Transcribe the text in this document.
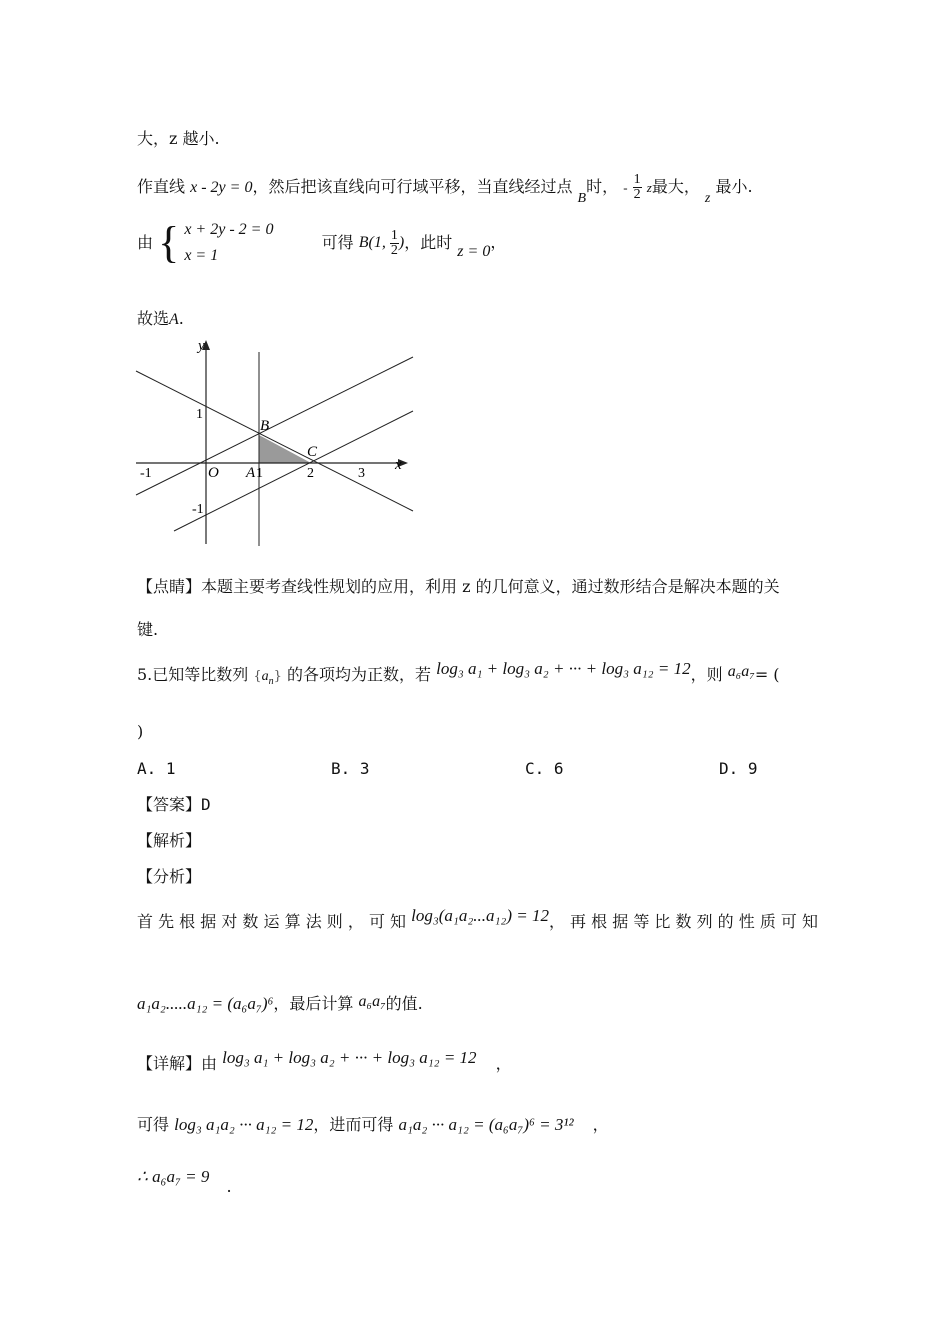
大，z 越小.
作直线 x - 2y = 0，然后把该直线向可行域平移，当直线经过点 B时， - $\frac{1}{2}$ z最大， z 最小.
由 { x + 2y - 2 = 0
x = 1
可得 B(1, $\frac{1}{2}$ )，此时 z = 0，
故选A.
y
x
O
1
-1
-1	1	2	3
A
B
C
【点睛】本题主要考查线性规划的应用，利用 z 的几何意义，通过数形结合是解决本题的关
键.
5.已知等比数列 $\{a_n\}$ 的各项均为正数，若 log₃ a₁ + log₃ a₂ + ··· + log₃ a₁₂ = 12，则 a₆a₇= (
)
A. 1	B. 3	C. 6	D. 9
【答案】D
【解析】
【分析】
首 先 根 据 对 数 运 算 法 则 ， 可 知 log₃(a₁a₂...a₁₂) = 12， 再 根 据 等 比 数 列 的 性 质 可 知
a₁a₂.....a₁₂ = (a₆a₇)⁶，最后计算 a₆a₇的值.
【详解】由 log₃ a₁ + log₃ a₂ + ··· + log₃ a₁₂ = 12 ，
可得 log₃ a₁a₂ ··· a₁₂ = 12，进而可得 a₁a₂ ··· a₁₂ = (a₆a₇)⁶ = 3¹² ，
∴ a₆a₇ = 9 .
